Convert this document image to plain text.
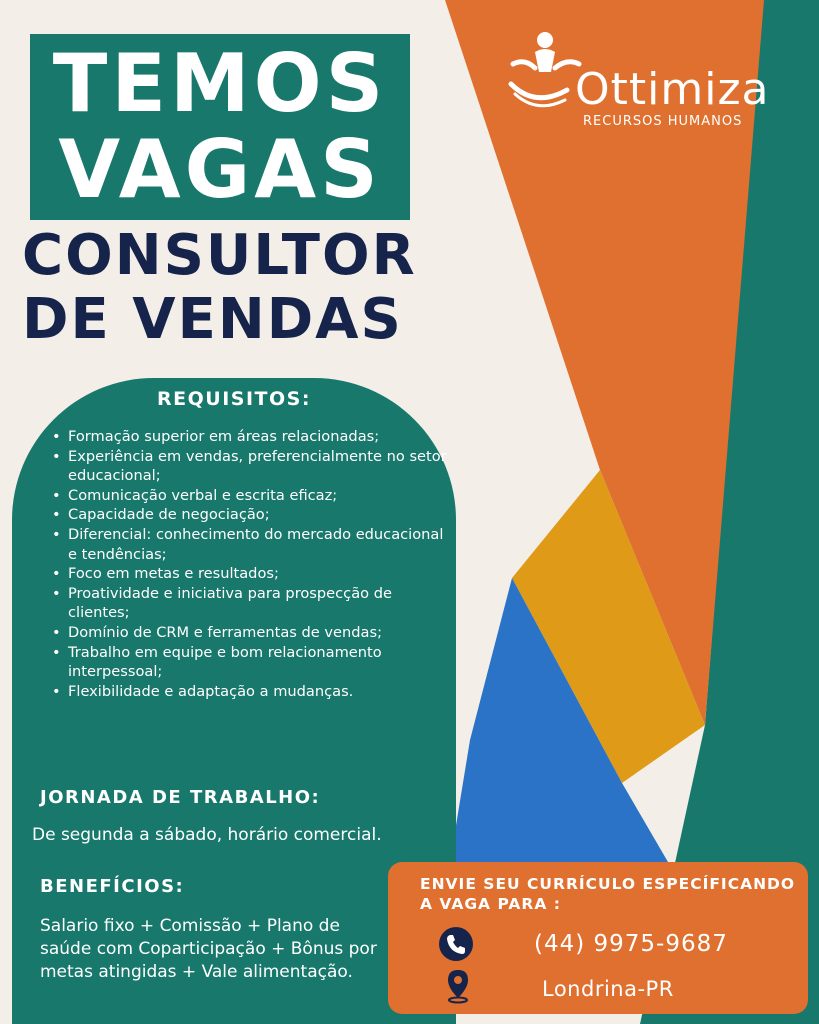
Ottimiza
RECURSOS HUMANOS
TEMOS
VAGAS
CONSULTOR
DE VENDAS
REQUISITOS:
• Formação superior em áreas relacionadas;
• Experiência em vendas, preferencialmente no setor educacional;
• Comunicação verbal e escrita eficaz;
• Capacidade de negociação;
• Diferencial: conhecimento do mercado educacional e tendências;
• Foco em metas e resultados;
• Proatividade e iniciativa para prospecção de clientes;
• Domínio de CRM e ferramentas de vendas;
• Trabalho em equipe e bom relacionamento interpessoal;
• Flexibilidade e adaptação a mudanças.
JORNADA DE TRABALHO:
De segunda a sábado, horário comercial.
BENEFÍCIOS:
Salario fixo + Comissão + Plano de saúde com Coparticipação + Bônus por metas atingidas + Vale alimentação.
ENVIE SEU CURRÍCULO ESPECÍFICANDO A VAGA PARA :
(44) 9975-9687
Londrina-PR
